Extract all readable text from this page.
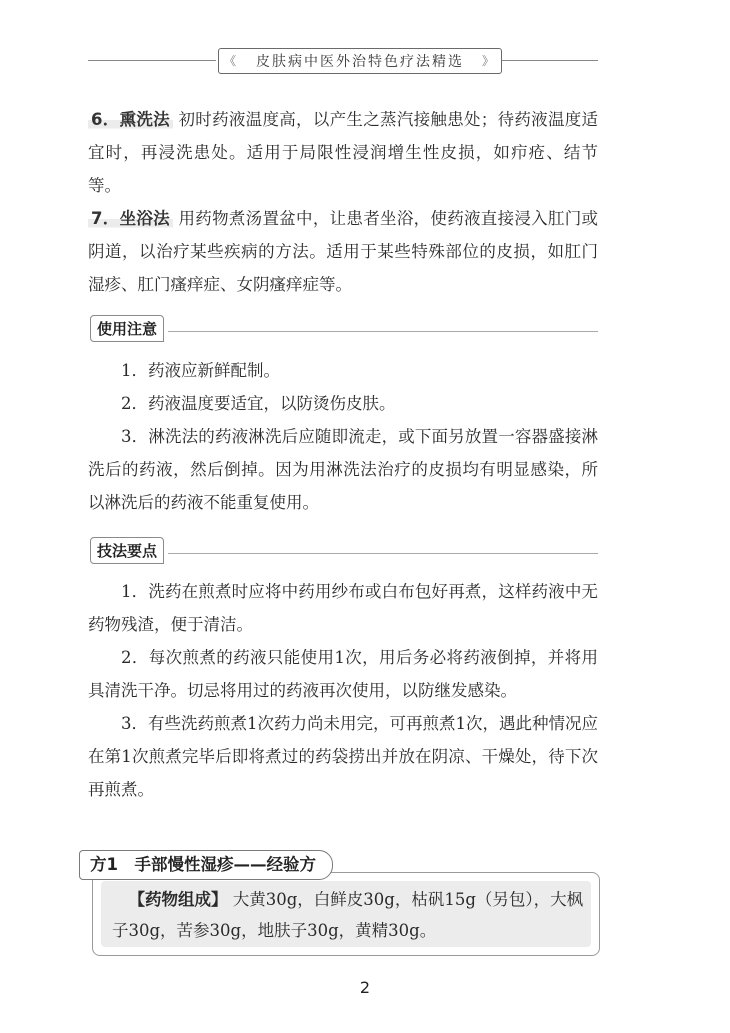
《 皮肤病中医外治特色疗法精选 》

6．熏洗法 初时药液温度高，以产生之蒸汽接触患处；待药液温度适宜时，再浸洗患处。适用于局限性浸润增生性皮损，如疖疮、结节等。

7．坐浴法 用药物煮汤置盆中，让患者坐浴，使药液直接浸入肛门或阴道，以治疗某些疾病的方法。适用于某些特殊部位的皮损，如肛门湿疹、肛门瘙痒症、女阴瘙痒症等。

使用注意

1．药液应新鲜配制。

2．药液温度要适宜，以防烫伤皮肤。

3．淋洗法的药液淋洗后应随即流走，或下面另放置一容器盛接淋洗后的药液，然后倒掉。因为用淋洗法治疗的皮损均有明显感染，所以淋洗后的药液不能重复使用。

技法要点

1．洗药在煎煮时应将中药用纱布或白布包好再煮，这样药液中无药物残渣，便于清洁。

2．每次煎煮的药液只能使用1次，用后务必将药液倒掉，并将用具清洗干净。切忌将用过的药液再次使用，以防继发感染。

3．有些洗药煎煮1次药力尚未用完，可再煎煮1次，遇此种情况应在第1次煎煮完毕后即将煮过的药袋捞出并放在阴凉、干燥处，待下次再煎煮。

方1　手部慢性湿疹——经验方

【药物组成】 大黄30g，白鲜皮30g，枯矾15g（另包），大枫子30g，苦参30g，地肤子30g，黄精30g。

2
